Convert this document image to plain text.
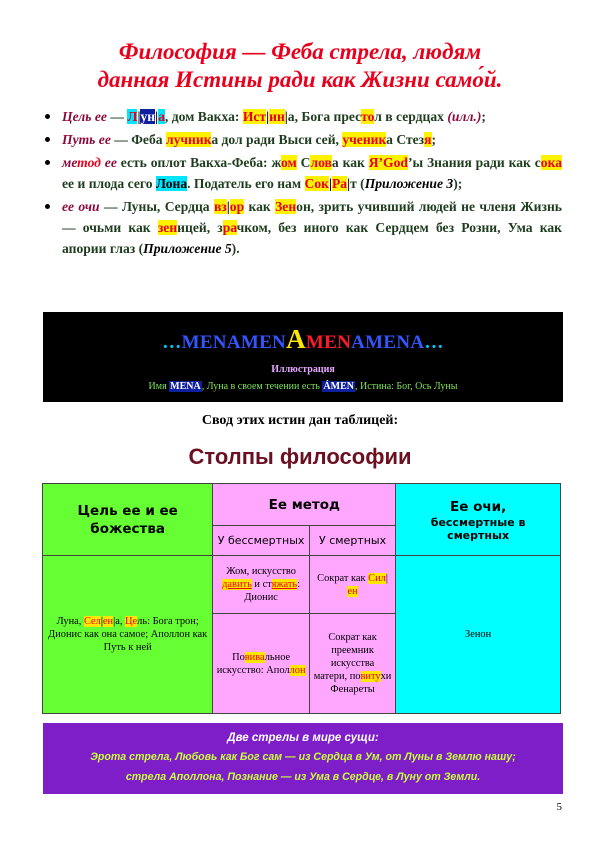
Философия — Феба стрела, людям
данная Истины ради как Жизни само́й.
Цель ее — Л|ун|а, дом Вакха: Ист|ин|а, Бога престол в сердцах (илл.);
Путь ее — Феба лучника дол ради Выси сей, ученика Стезя;
метод ее есть оплот Вакха-Феба: жом Слова как Я’God’ы Знания ради как сока ее и плода сего Лона. Податель его нам Сок|Ра|т (Приложение 3);
ее очи — Луны, Сердца вз|ор как Зенон, зрить учивший людей не членя Жизнь — очьми как зеницей, зрачком, без иного как Сердцем без Розни, Ума как апории глаз (Приложение 5).
…MENAMENAMENAMENA…
Иллюстрация
Имя MENA, Луна в своем течении есть ÁMEN, Истина: Бог, Ось Луны
Свод этих истин дан таблицей:
Столпы философии
Цель ее и ее божества	Ее метод		Ее очи,
бессмертные в смертных

	У бессмертных	У смертных	
Луна, Сел|ен|а, Цель: Бога трон; Дионис как она самое; Аполлон как Путь к ней	Жом, искусство давить и стяжать: Дионис	Сократ как Сил|ен	Зенон
	Повивальное искусство: Аполлон	Сократ как преемник искусства матери, повитухи Фенареты	
Две стрелы в мире сущи:
Эрота стрела, Любовь как Бог сам — из Сердца в Ум, от Луны в Землю нашу;
стрела Аполлона, Познание — из Ума в Сердце, в Луну от Земли.
5
